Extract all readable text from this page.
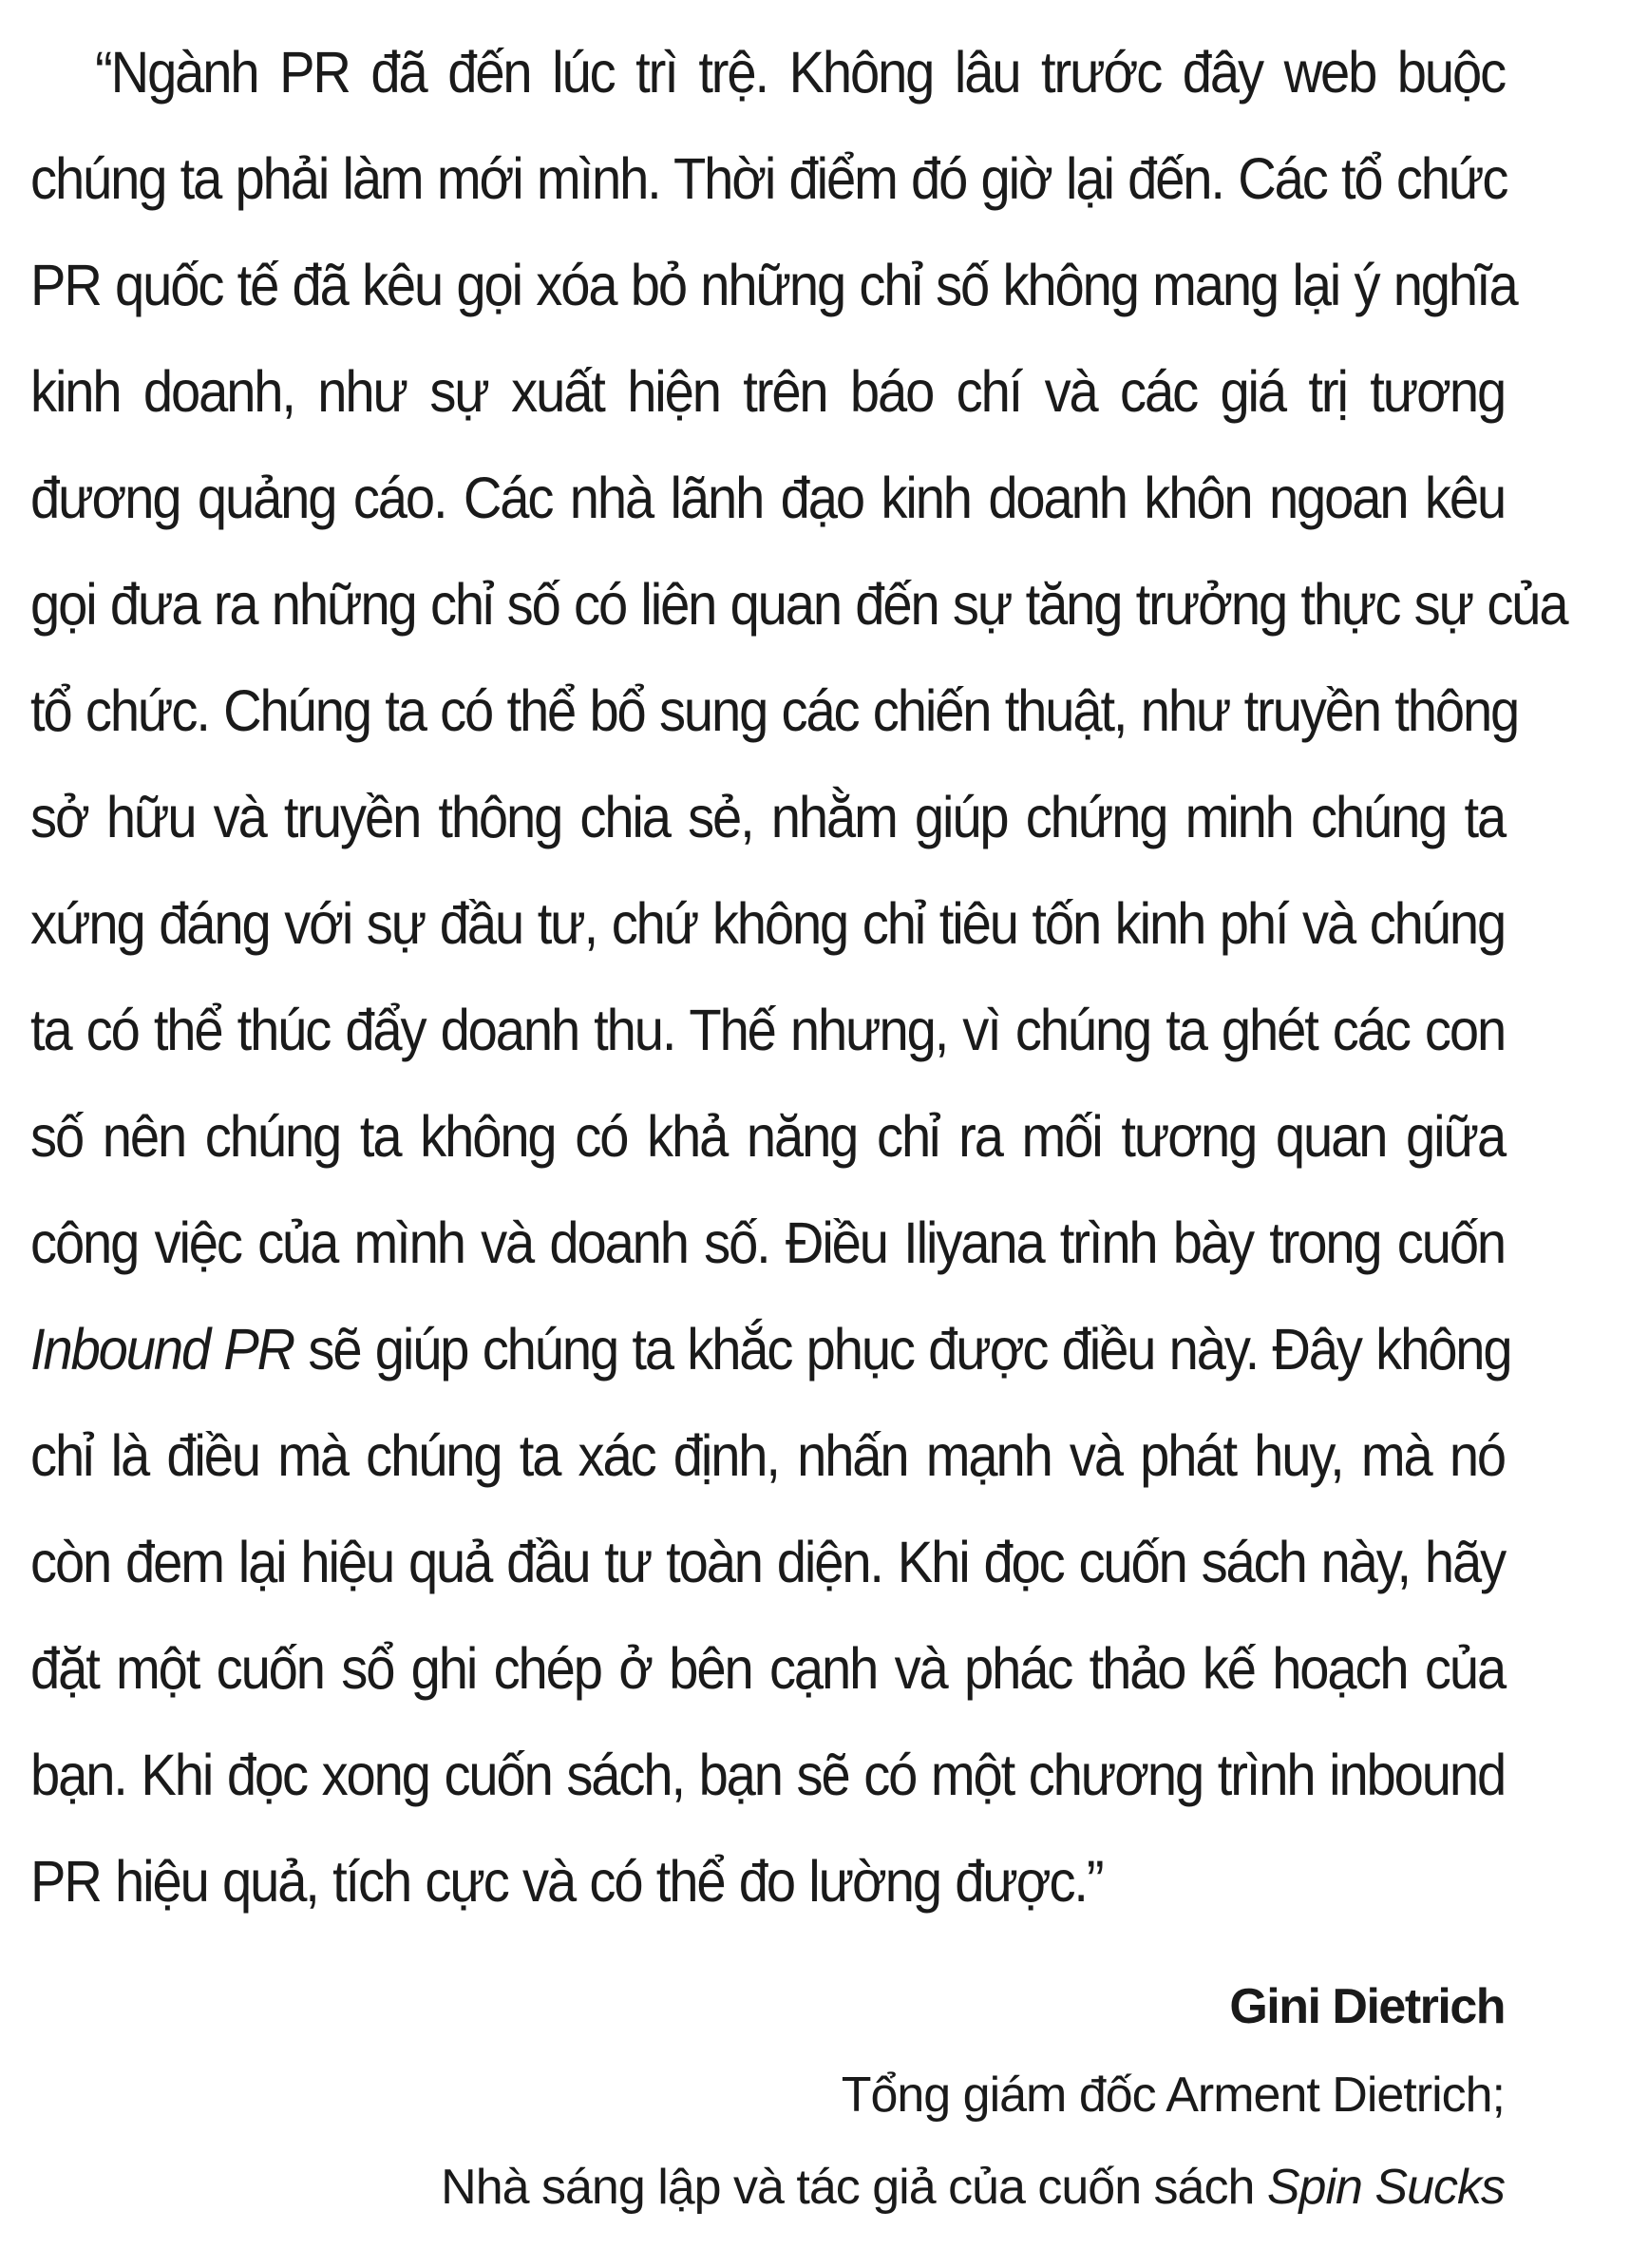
“Ngành PR đã đến lúc trì trệ. Không lâu trước đây web buộc
chúng ta phải làm mới mình. Thời điểm đó giờ lại đến. Các tổ chức
PR quốc tế đã kêu gọi xóa bỏ những chỉ số không mang lại ý nghĩa
kinh doanh, như sự xuất hiện trên báo chí và các giá trị tương
đương quảng cáo. Các nhà lãnh đạo kinh doanh khôn ngoan kêu
gọi đưa ra những chỉ số có liên quan đến sự tăng trưởng thực sự của
tổ chức. Chúng ta có thể bổ sung các chiến thuật, như truyền thông
sở hữu và truyền thông chia sẻ, nhằm giúp chứng minh chúng ta
xứng đáng với sự đầu tư, chứ không chỉ tiêu tốn kinh phí và chúng
ta có thể thúc đẩy doanh thu. Thế nhưng, vì chúng ta ghét các con
số nên chúng ta không có khả năng chỉ ra mối tương quan giữa
công việc của mình và doanh số. Điều Iliyana trình bày trong cuốn
Inbound PR sẽ giúp chúng ta khắc phục được điều này. Đây không
chỉ là điều mà chúng ta xác định, nhấn mạnh và phát huy, mà nó
còn đem lại hiệu quả đầu tư toàn diện. Khi đọc cuốn sách này, hãy
đặt một cuốn sổ ghi chép ở bên cạnh và phác thảo kế hoạch của
bạn. Khi đọc xong cuốn sách, bạn sẽ có một chương trình inbound
PR hiệu quả, tích cực và có thể đo lường được.”
Gini Dietrich
Tổng giám đốc Arment Dietrich;
Nhà sáng lập và tác giả của cuốn sách Spin Sucks
